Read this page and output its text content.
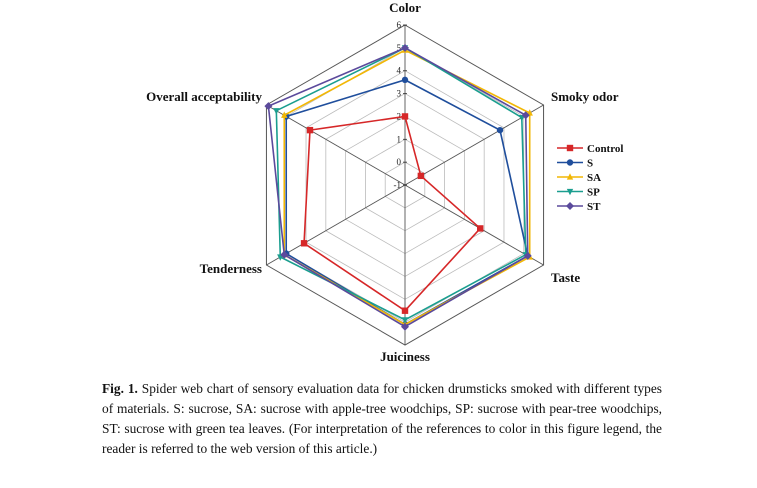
-1
0
1
2
3
4
5
6
Color
Smoky odor
Taste
Juiciness
Tenderness
Overall acceptability
Control
S
SA
SP
ST
Fig. 1. Spider web chart of sensory evaluation data for chicken drumsticks smoked with different types of materials. S: sucrose, SA: sucrose with apple-tree woodchips, SP: sucrose with pear-tree woodchips, ST: sucrose with green tea leaves. (For interpretation of the references to color in this figure legend, the reader is referred to the web version of this article.)
